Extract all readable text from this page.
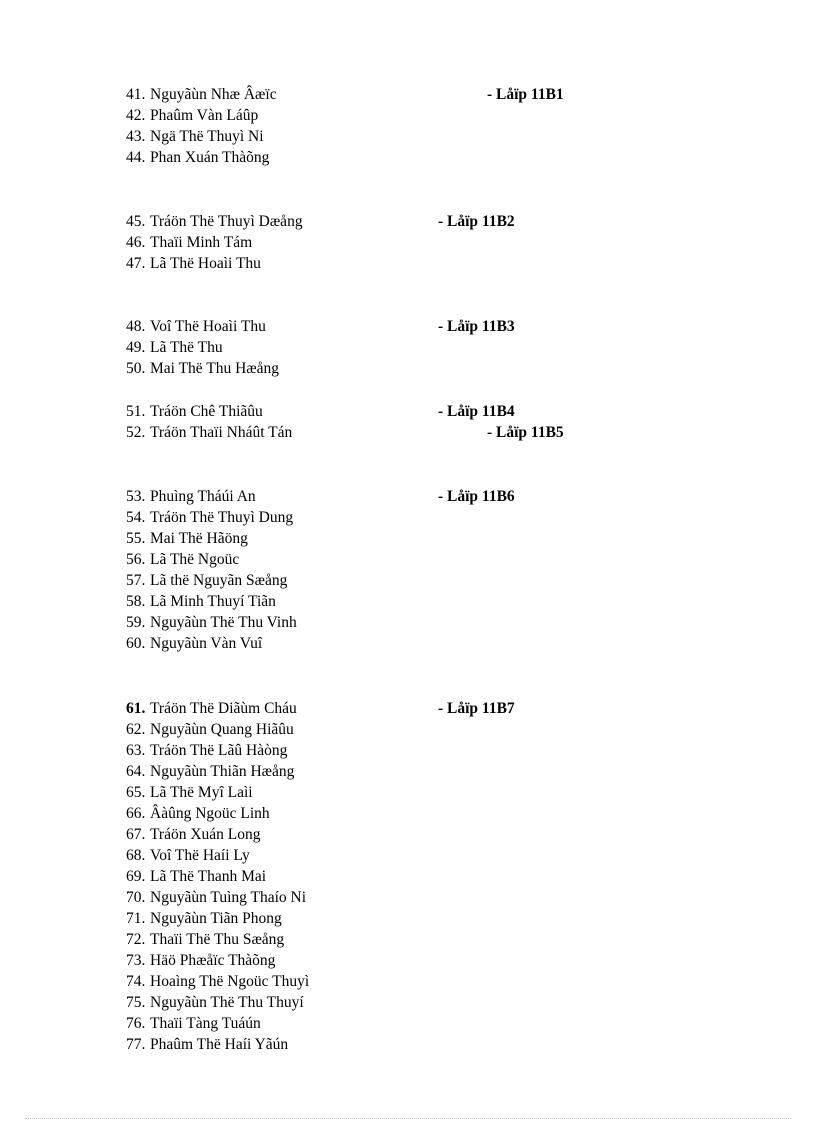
41. Nguyãùn Nhæ Âæïc
42. Phaûm Vàn Láûp
43. Ngä Thë Thuyì Ni
44. Phan Xuán Thàõng
- Låïp 11B1
45. Tráön Thë Thuyì Dæång
46. Thaïi Minh Tám
47. Lã Thë Hoaìi Thu
- Låïp 11B2
48. Voî Thë Hoaìi Thu
49. Lã Thë Thu
50. Mai Thë Thu Hæång
- Låïp 11B3
51. Tráön Chê Thiãûu
52. Tráön Thaïi Nháût Tán
- Låïp 11B4
- Låïp 11B5
53. Phuìng Tháúi An
54. Tráön Thë Thuyì Dung
55. Mai Thë Hãöng
56. Lã Thë Ngoüc
57. Lã thë Nguyãn Sæång
58. Lã Minh Thuyí Tiãn
59. Nguyãùn Thë Thu Vinh
60. Nguyãùn Vàn Vuî
- Låïp 11B6
61. Tráön Thë Diãùm Cháu
62. Nguyãùn Quang Hiãûu
63. Tráön Thë Lãû Hàòng
64. Nguyãùn Thiãn Hæång
65. Lã Thë Myî Laìi
66. Âàûng Ngoüc Linh
67. Tráön Xuán Long
68. Voî Thë Haíi Ly
69. Lã Thë Thanh Mai
70. Nguyãùn Tuìng Thaío Ni
71. Nguyãùn Tiãn Phong
72. Thaïi Thë Thu Sæång
73. Häö Phæåïc Thàõng
74. Hoaìng Thë Ngoüc Thuyì
75. Nguyãùn Thë Thu Thuyí
76. Thaïi Tàng Tuáún
77. Phaûm Thë Haíi Yãún
- Låïp 11B7
